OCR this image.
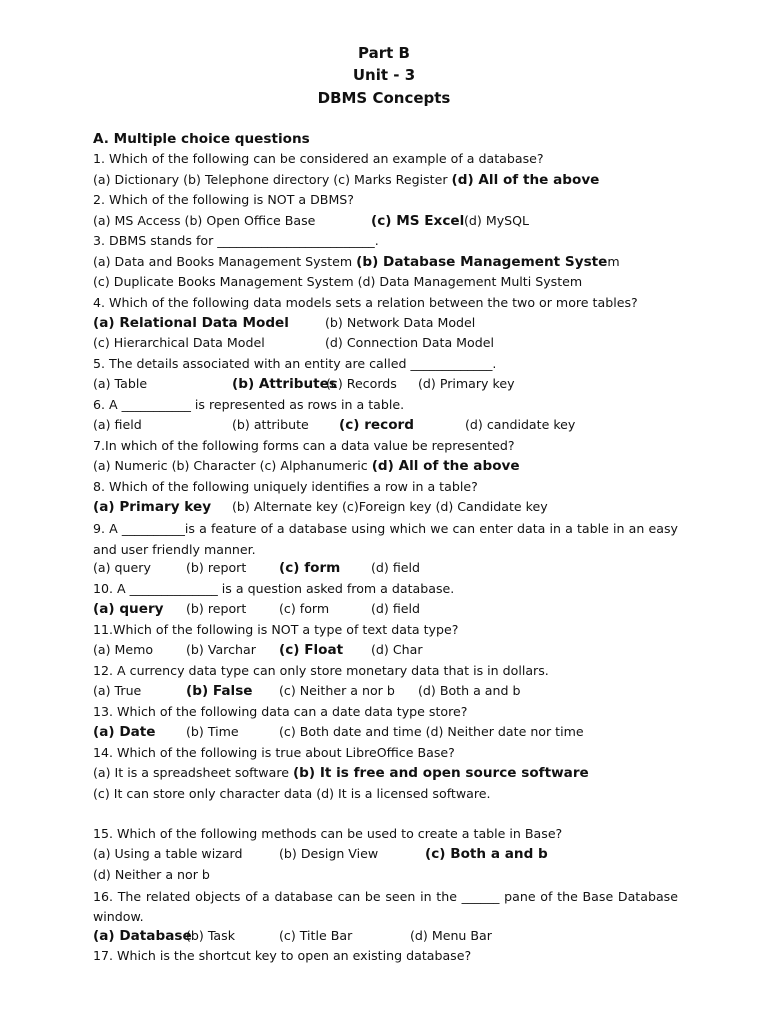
Part B
Unit - 3
DBMS Concepts
A. Multiple choice questions
1. Which of the following can be considered an example of a database?
(a) Dictionary (b) Telephone directory (c) Marks Register (d) All of the above
2. Which of the following is NOT a DBMS?
(a) MS Access (b) Open Office Base	(c) MS Excel (d) MySQL
3. DBMS stands for _________________________.
(a) Data and Books Management System (b) Database Management System
(c) Duplicate Books Management System (d) Data Management Multi System
4. Which of the following data models sets a relation between the two or more tables?
(a) Relational Data Model	(b) Network Data Model
(c) Hierarchical Data Model	(d) Connection Data Model
5. The details associated with an entity are called _____________.
(a) Table	(b) Attributes
(c) Records (d) Primary key
6. A ___________ is represented as rows in a table.
(a) field	(b) attribute (c) record	(d) candidate key
7.In which of the following forms can a data value be represented?
(a) Numeric (b) Character (c) Alphanumeric (d) All of the above
8. Which of the following uniquely identifies a row in a table?
(a) Primary key (b) Alternate key (c)Foreign key (d) Candidate key
9. A __________is a feature of a database using which we can enter data in a table in an easy and user friendly manner.
(a) query	(b) report (c) form (d) field
10. A ______________ is a question asked from a database.
(a) query (b) report	(c) form	(d) field
11.Which of the following is NOT a type of text data type?
(a) Memo	(b) Varchar (c) Float (d) Char
12. A currency data type can only store monetary data that is in dollars.
(a) True	(b) False (c) Neither a nor b (d) Both a and b
13. Which of the following data can a date data type store?
(a) Date (b) Time	(c) Both date and time (d) Neither date nor time
14. Which of the following is true about LibreOffice Base?
(a) It is a spreadsheet software (b) It is free and open source software
(c) It can store only character data (d) It is a licensed software.
15. Which of the following methods can be used to create a table in Base?
(a) Using a table wizard	(b) Design View	(c) Both a and b
(d) Neither a nor b
16. The related objects of a database can be seen in the ______ pane of the Base Database window.
(a) Database
(b) Task	(c) Title Bar	(d) Menu Bar
17. Which is the shortcut key to open an existing database?
